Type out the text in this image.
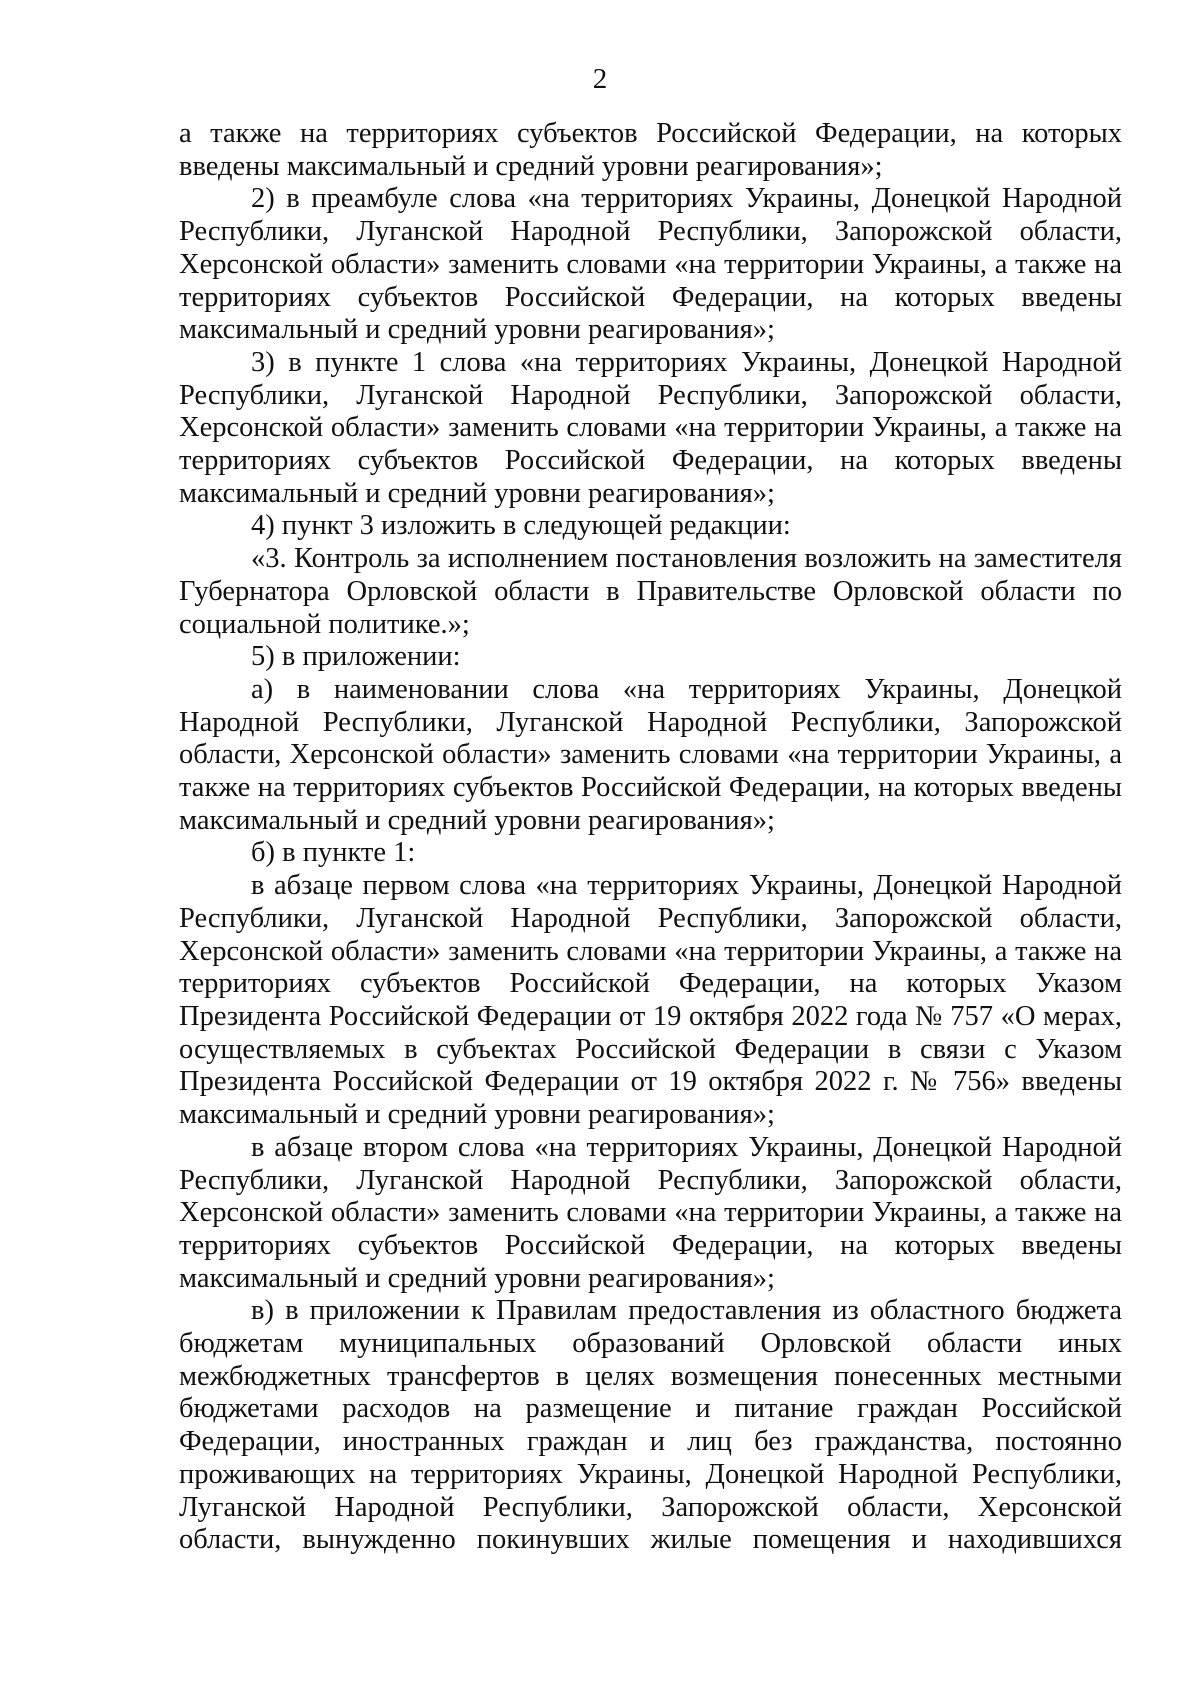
2

а также на территориях субъектов Российской Федерации, на которых введены максимальный и средний уровни реагирования»;

2) в преамбуле слова «на территориях Украины, Донецкой Народной Республики, Луганской Народной Республики, Запорожской области, Херсонской области» заменить словами «на территории Украины, а также на территориях субъектов Российской Федерации, на которых введены максимальный и средний уровни реагирования»;

3) в пункте 1 слова «на территориях Украины, Донецкой Народной Республики, Луганской Народной Республики, Запорожской области, Херсонской области» заменить словами «на территории Украины, а также на территориях субъектов Российской Федерации, на которых введены максимальный и средний уровни реагирования»;

4) пункт 3 изложить в следующей редакции:

«3. Контроль за исполнением постановления возложить на заместителя Губернатора Орловской области в Правительстве Орловской области по социальной политике.»;

5) в приложении:

а) в наименовании слова «на территориях Украины, Донецкой Народной Республики, Луганской Народной Республики, Запорожской области, Херсонской области» заменить словами «на территории Украины, а также на территориях субъектов Российской Федерации, на которых введены максимальный и средний уровни реагирования»;

б) в пункте 1:

в абзаце первом слова «на территориях Украины, Донецкой Народной Республики, Луганской Народной Республики, Запорожской области, Херсонской области» заменить словами «на территории Украины, а также на территориях субъектов Российской Федерации, на которых Указом Президента Российской Федерации от 19 октября 2022 года № 757 «О мерах, осуществляемых в субъектах Российской Федерации в связи с Указом Президента Российской Федерации от 19 октября 2022 г. № 756» введены максимальный и средний уровни реагирования»;

в абзаце втором слова «на территориях Украины, Донецкой Народной Республики, Луганской Народной Республики, Запорожской области, Херсонской области» заменить словами «на территории Украины, а также на территориях субъектов Российской Федерации, на которых введены максимальный и средний уровни реагирования»;

в) в приложении к Правилам предоставления из областного бюджета бюджетам муниципальных образований Орловской области иных межбюджетных трансфертов в целях возмещения понесенных местными бюджетами расходов на размещение и питание граждан Российской Федерации, иностранных граждан и лиц без гражданства, постоянно проживающих на территориях Украины, Донецкой Народной Республики, Луганской Народной Республики, Запорожской области, Херсонской области, вынужденно покинувших жилые помещения и находившихся
